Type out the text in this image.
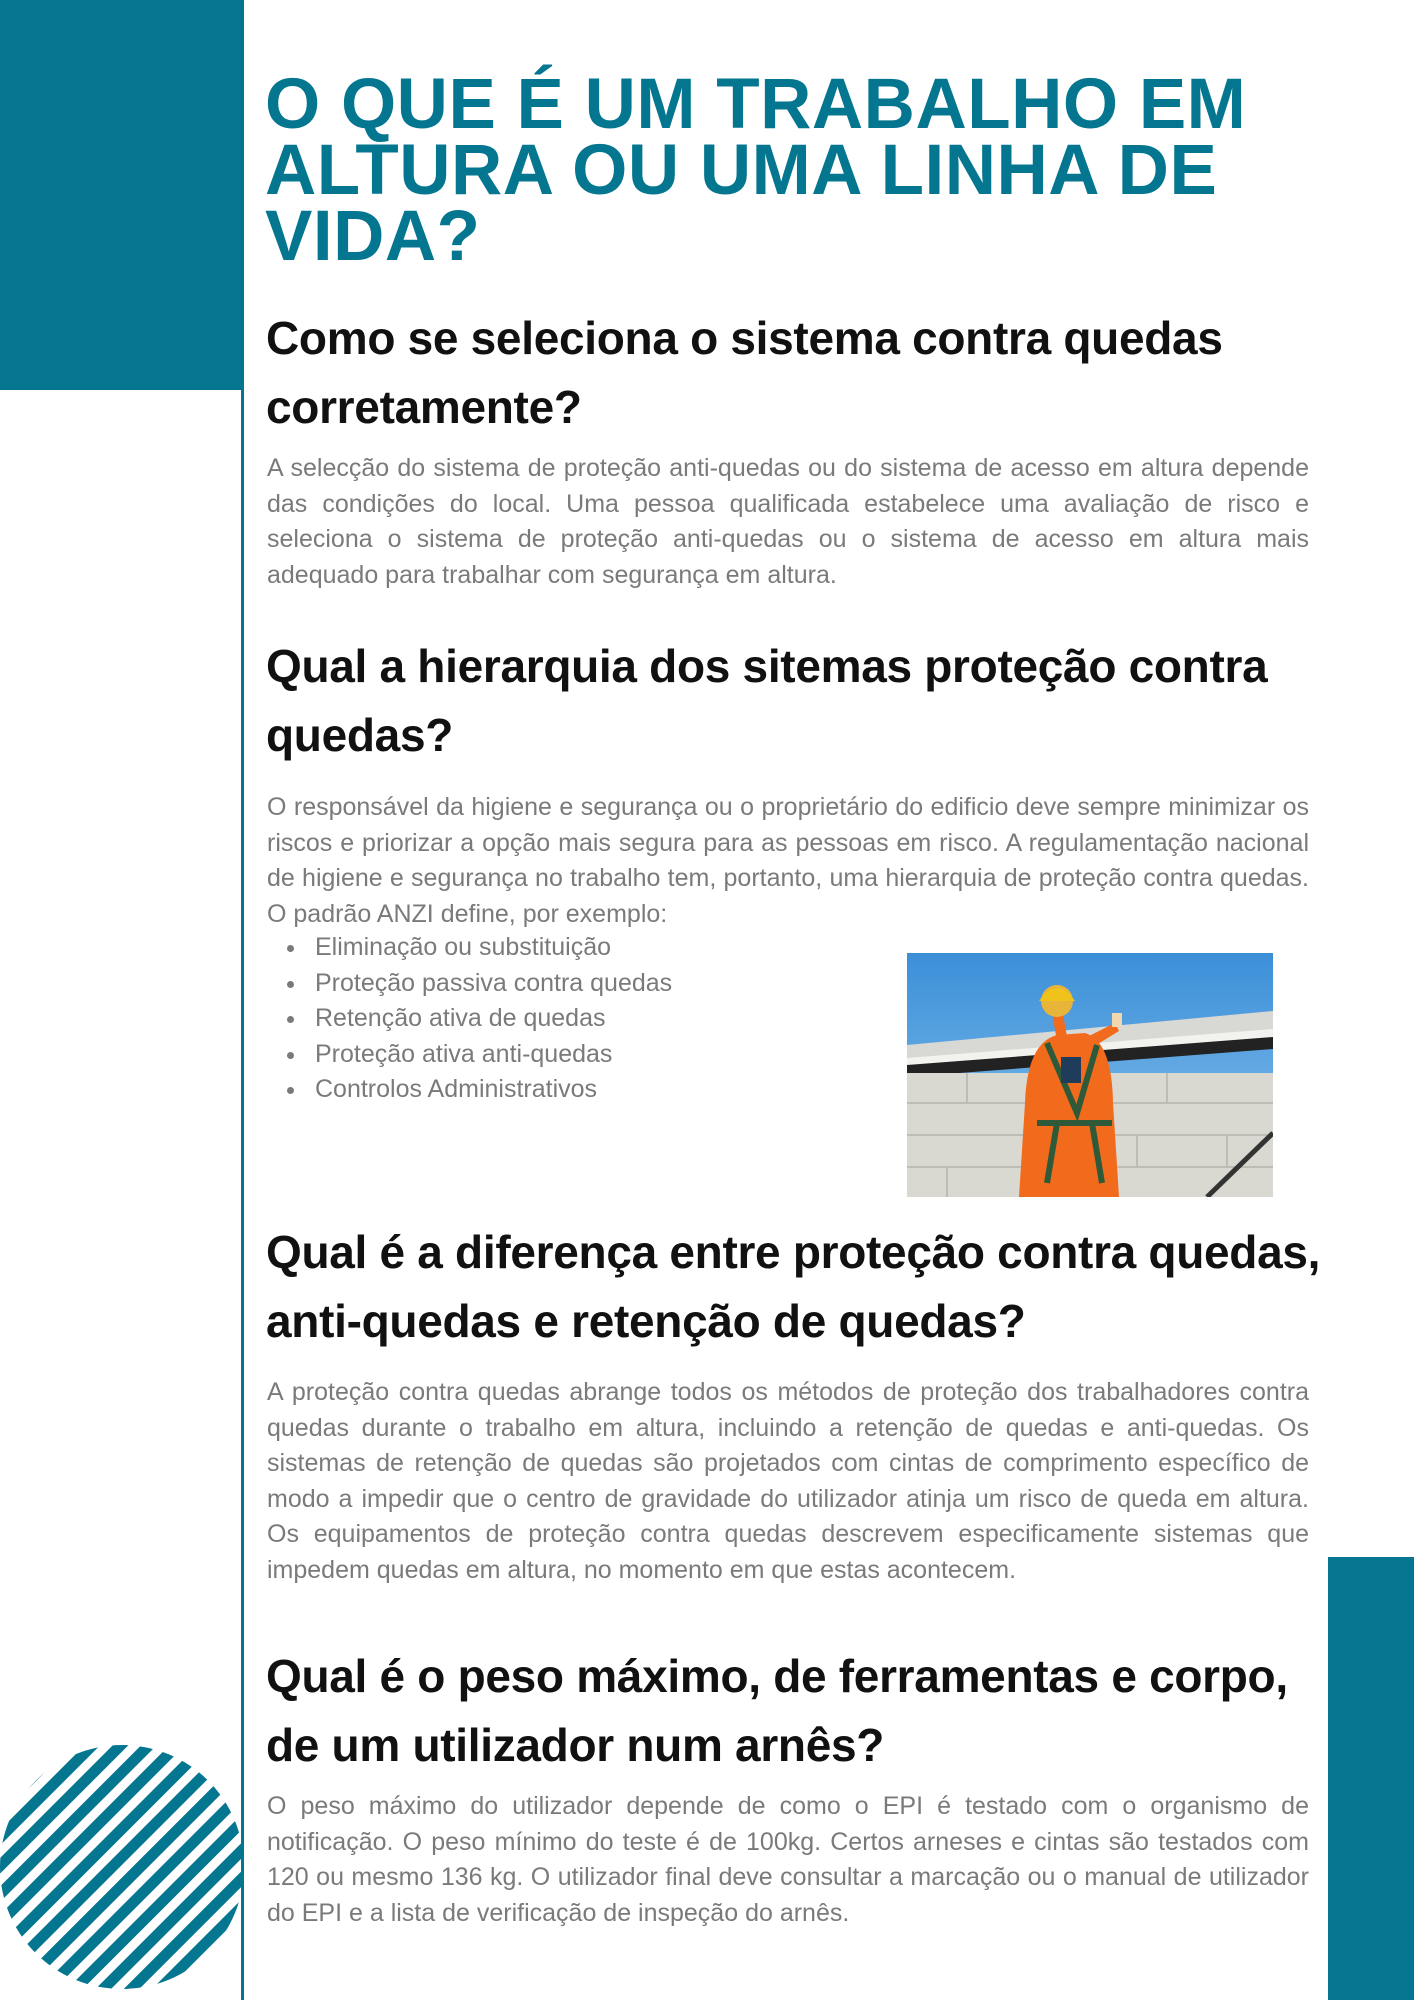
O QUE É UM TRABALHO EM ALTURA OU UMA LINHA DE VIDA?
Como se seleciona o sistema contra quedas corretamente?

A selecção do sistema de proteção anti-quedas ou do sistema de acesso em altura depende das condições do local. Uma pessoa qualificada estabelece uma avaliação de risco e seleciona o sistema de proteção anti-quedas ou o sistema de acesso em altura mais adequado para trabalhar com segurança em altura.

Qual a hierarquia dos sitemas proteção contra quedas?

O responsável da higiene e segurança ou o proprietário do edificio deve sempre minimizar os riscos e priorizar a opção mais segura para as pessoas em risco. A regulamentação nacional de higiene e segurança no trabalho tem, portanto, uma hierarquia de proteção contra quedas. O padrão ANZI define, por exemplo:

Eliminação ou substituição
Proteção passiva contra quedas
Retenção ativa de quedas
Proteção ativa anti-quedas
Controlos Administrativos
Qual é a diferença entre proteção contra quedas, anti-quedas e retenção de quedas?

A proteção contra quedas abrange todos os métodos de proteção dos trabalhadores contra quedas durante o trabalho em altura, incluindo a retenção de quedas e anti-quedas. Os sistemas de retenção de quedas são projetados com cintas de comprimento específico de modo a impedir que o centro de gravidade do utilizador atinja um risco de queda em altura. Os equipamentos de proteção contra quedas descrevem especificamente sistemas que impedem quedas em altura, no momento em que estas acontecem.

Qual é o peso máximo, de ferramentas e corpo, de um utilizador num arnês?

O peso máximo do utilizador depende de como o EPI é testado com o organismo de notificação. O peso mínimo do teste é de 100kg. Certos arneses e cintas são testados com 120 ou mesmo 136 kg. O utilizador final deve consultar a marcação ou o manual de utilizador do EPI e a lista de verificação de inspeção do arnês.
